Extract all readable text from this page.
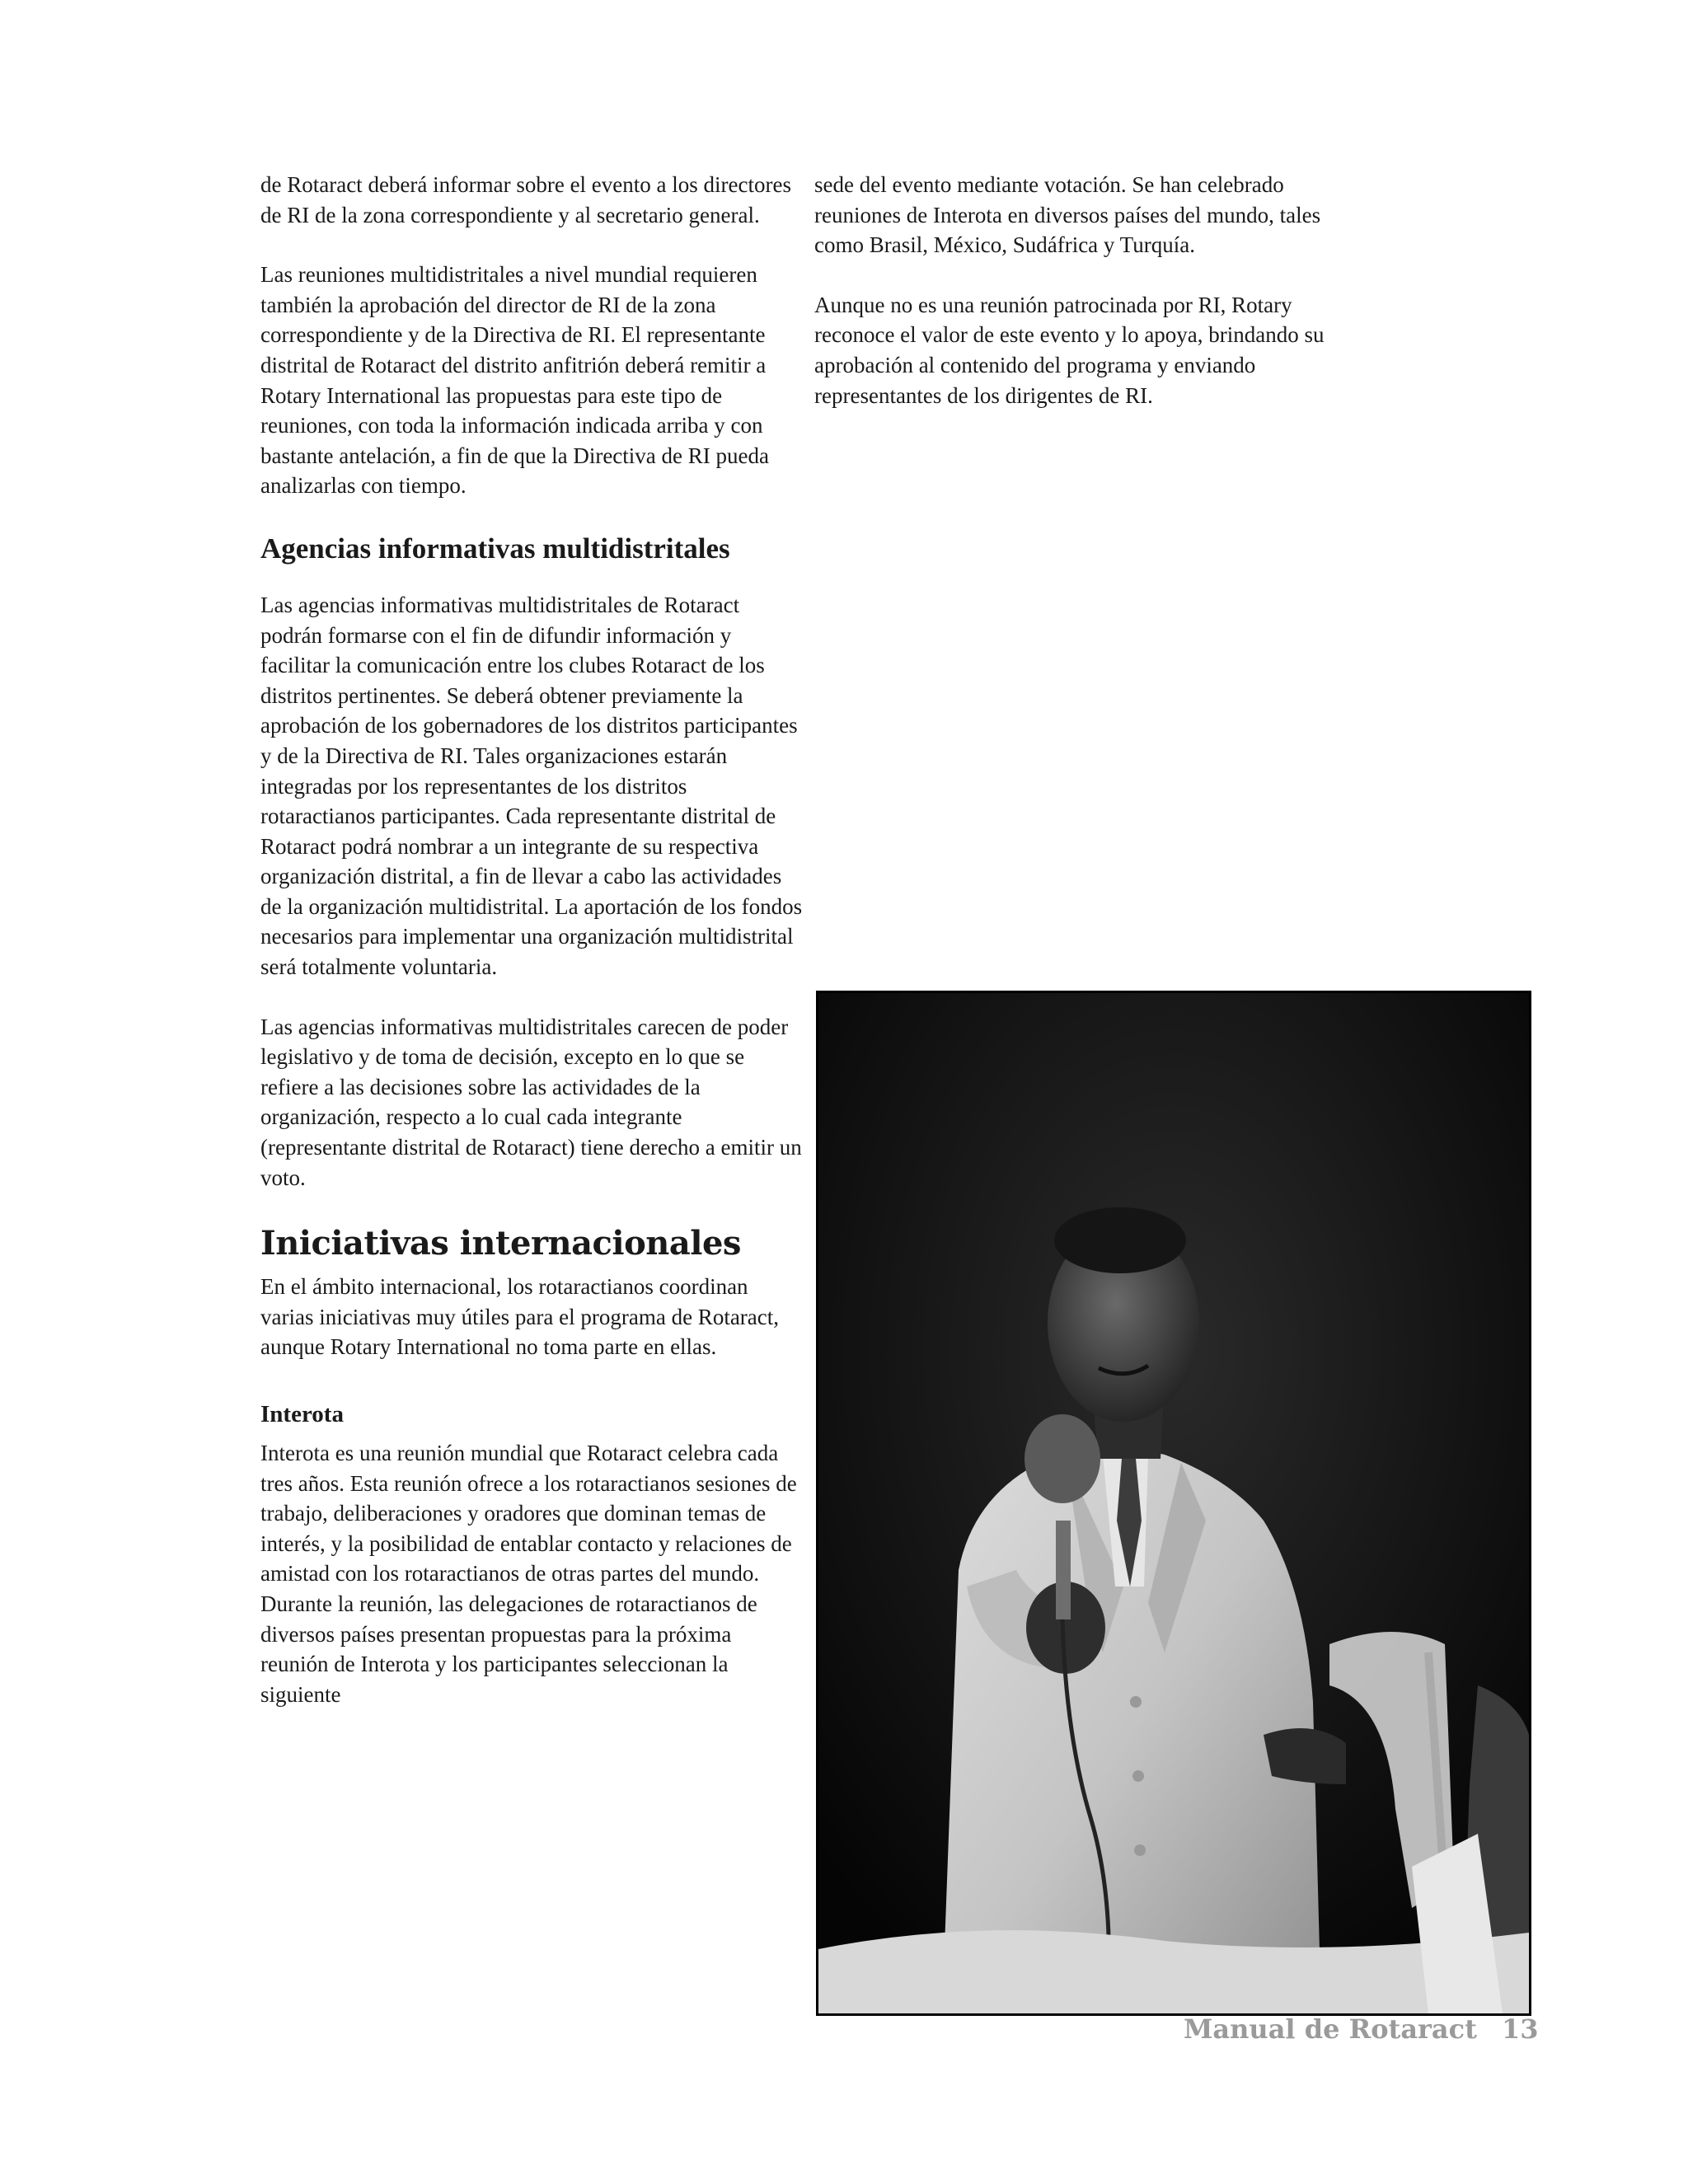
de Rotaract deberá informar sobre el evento a los directores de RI de la zona correspondiente y al secretario general.

Las reuniones multidistritales a nivel mundial requieren también la aprobación del director de RI de la zona correspondiente y de la Directiva de RI. El representante distrital de Rotaract del distrito anfitrión deberá remitir a Rotary International las propuestas para este tipo de reuniones, con toda la información indicada arriba y con bastante antelación, a fin de que la Directiva de RI pueda analizarlas con tiempo.

Agencias informativas multidistritales

Las agencias informativas multidistritales de Rotaract podrán formarse con el fin de difundir información y facilitar la comunicación entre los clubes Rotaract de los distritos pertinentes. Se deberá obtener previamente la aprobación de los gobernadores de los distritos participantes y de la Directiva de RI. Tales organizaciones estarán integradas por los representantes de los distritos rotaractianos participantes. Cada representante distrital de Rotaract podrá nombrar a un integrante de su respectiva organización distrital, a fin de llevar a cabo las actividades de la organización multidistrital. La aportación de los fondos necesarios para implementar una organización multidistrital será totalmente voluntaria.

Las agencias informativas multidistritales carecen de poder legislativo y de toma de decisión, excepto en lo que se refiere a las decisiones sobre las actividades de la organización, respecto a lo cual cada integrante (representante distrital de Rotaract) tiene derecho a emitir un voto.

Iniciativas internacionales

En el ámbito internacional, los rotaractianos coordinan varias iniciativas muy útiles para el programa de Rotaract, aunque Rotary International no toma parte en ellas.

Interota

Interota es una reunión mundial que Rotaract celebra cada tres años. Esta reunión ofrece a los rotaractianos sesiones de trabajo, deliberaciones y oradores que dominan temas de interés, y la posibilidad de entablar contacto y relaciones de amistad con los rotaractianos de otras partes del mundo. Durante la reunión, las delegaciones de rotaractianos de diversos países presentan propuestas para la próxima reunión de Interota y los participantes seleccionan la siguiente

sede del evento mediante votación. Se han celebrado reuniones de Interota en diversos países del mundo, tales como Brasil, México, Sudáfrica y Turquía.

Aunque no es una reunión patrocinada por RI, Rotary reconoce el valor de este evento y lo apoya, brindando su aprobación al contenido del programa y enviando representantes de los dirigentes de RI.

Manual de Rotaract 13
